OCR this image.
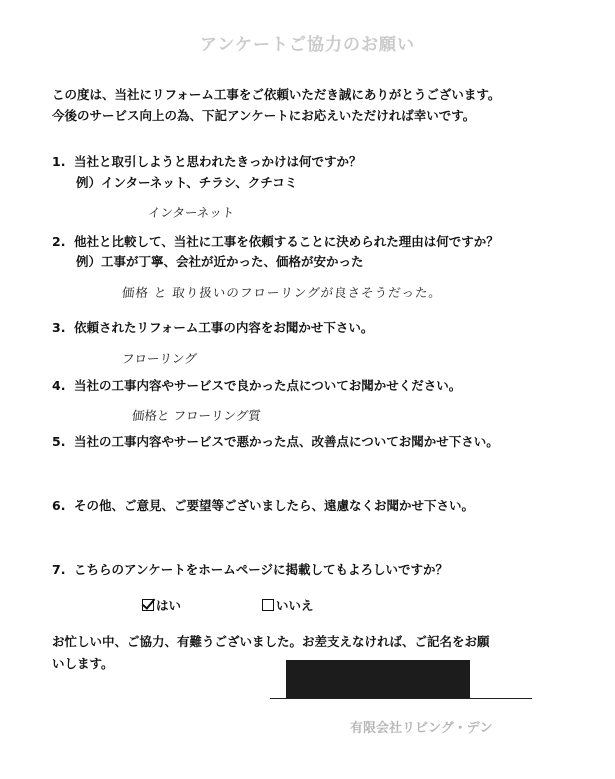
アンケートご協力のお願い
この度は、当社にリフォーム工事をご依頼いただき誠にありがとうございます。
今後のサービス向上の為、下記アンケートにお応えいただければ幸いです。
1. 当社と取引しようと思われたきっかけは何ですか？
例）インターネット、チラシ、クチコミ
インターネット
2. 他社と比較して、当社に工事を依頼することに決められた理由は何ですか？
例）工事が丁寧、会社が近かった、価格が安かった
価格 と 取り扱いのフローリングが良さそうだった。
3. 依頼されたリフォーム工事の内容をお聞かせ下さい。
フローリング
4. 当社の工事内容やサービスで良かった点についてお聞かせください。
価格と フローリング質
5. 当社の工事内容やサービスで悪かった点、改善点についてお聞かせ下さい。
6. その他、ご意見、ご要望等ございましたら、遠慮なくお聞かせ下さい。
7. こちらのアンケートをホームページに掲載してもよろしいですか？
はい	いいえ
お忙しい中、ご協力、有難うございました。お差支えなければ、ご記名をお願
いします。
有限会社リビング・デン
